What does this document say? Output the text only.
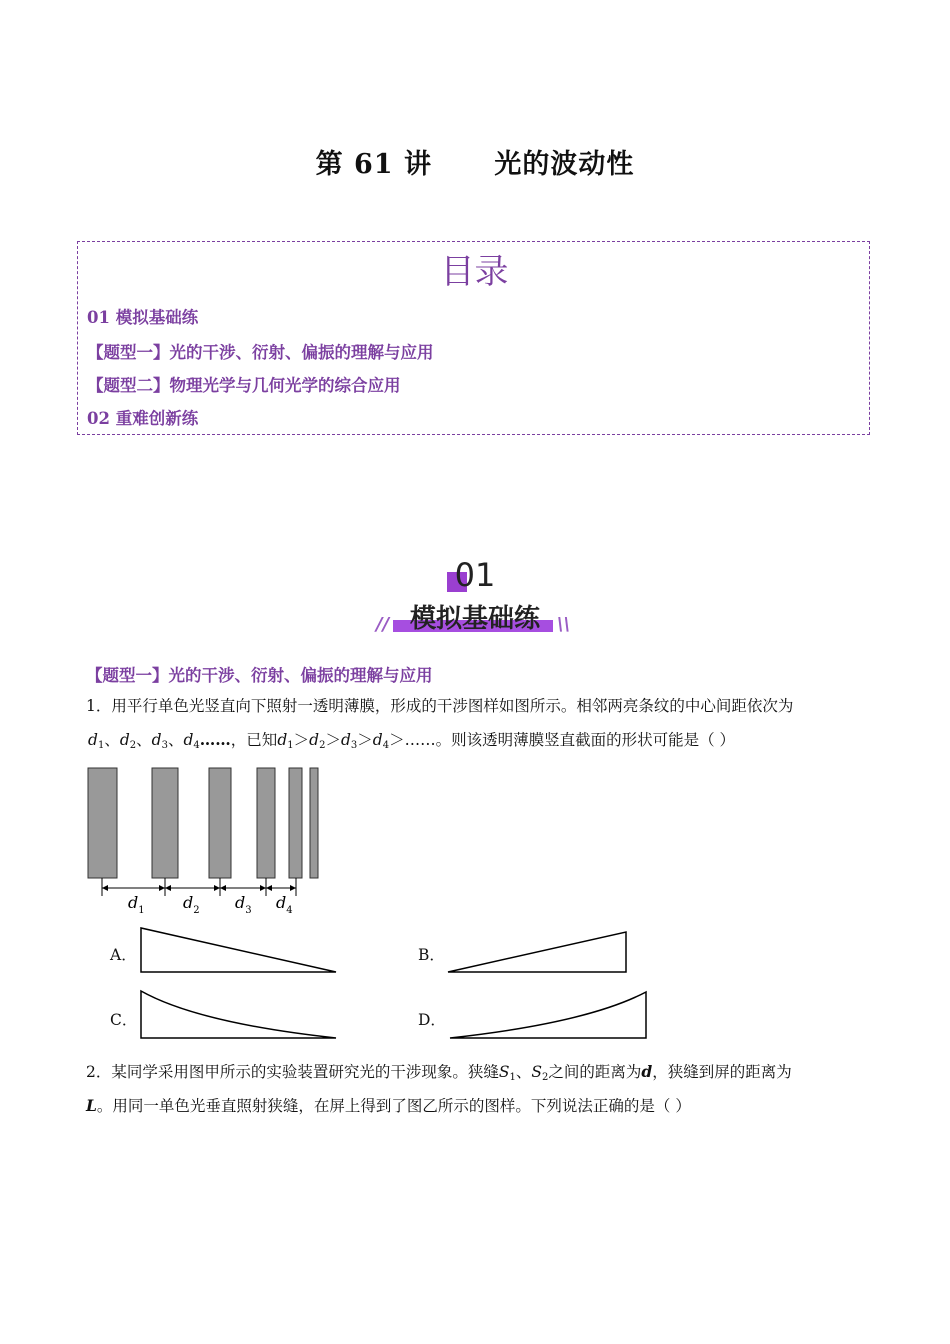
第 61 讲      光的波动性
目录
01 模拟基础练
【题型一】光的干涉、衍射、偏振的理解与应用
【题型二】物理光学与几何光学的综合应用
02 重难创新练
01
模拟基础练
//	\\
【题型一】光的干涉、衍射、偏振的理解与应用
1．用平行单色光竖直向下照射一透明薄膜，形成的干涉图样如图所示。相邻两亮条纹的中心间距依次为
$d_1$、$d_2$、$d_3$、$d_4\dots\dots$，已知$d_1>d_2>d_3>d_4>\dots\dots$。则该透明薄膜竖直截面的形状可能是（ ）
$d_1$ $d_2$ $d_3$ $d_4$
A．	B．
C．	D．
2．某同学采用图甲所示的实验装置研究光的干涉现象。狭缝$S_1$、$S_2$之间的距离为d，狭缝到屏的距离为
L。用同一单色光垂直照射狭缝，在屏上得到了图乙所示的图样。下列说法正确的是（ ）
